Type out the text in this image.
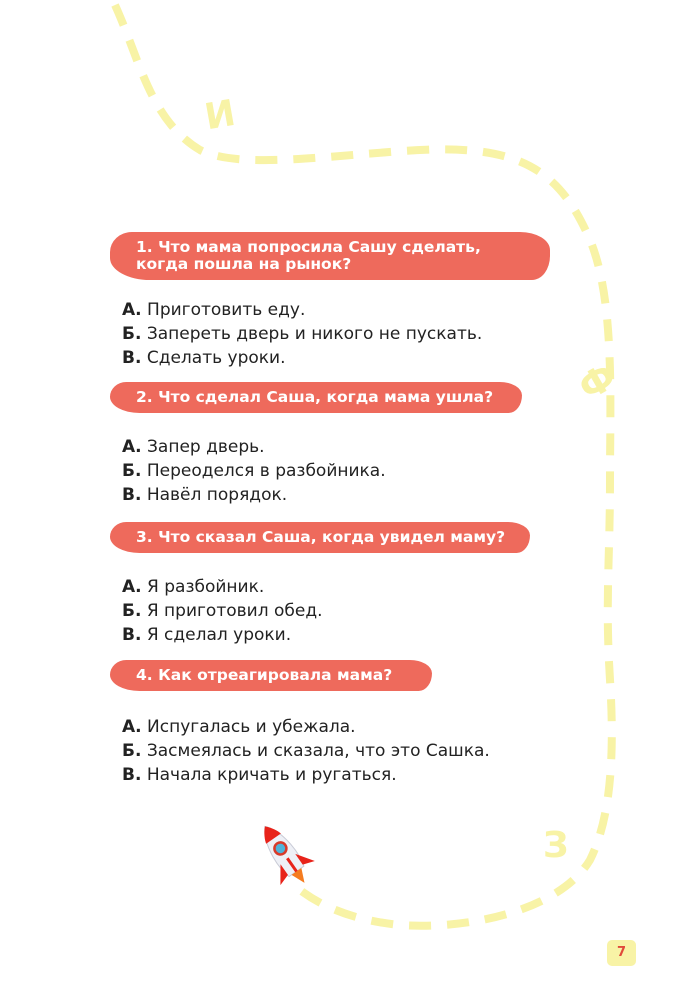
И
Ф
З
1. Что мама попросила Сашу сделать, когда пошла на рынок?
А. Приготовить еду.
Б. Запереть дверь и никого не пускать.
В. Сделать уроки.
2. Что сделал Саша, когда мама ушла?
А. Запер дверь.
Б. Переоделся в разбойника.
В. Навёл порядок.
3. Что сказал Саша, когда увидел маму?
А. Я разбойник.
Б. Я приготовил обед.
В. Я сделал уроки.
4. Как отреагировала мама?
А. Испугалась и убежала.
Б. Засмеялась и сказала, что это Сашка.
В. Начала кричать и ругаться.
7
